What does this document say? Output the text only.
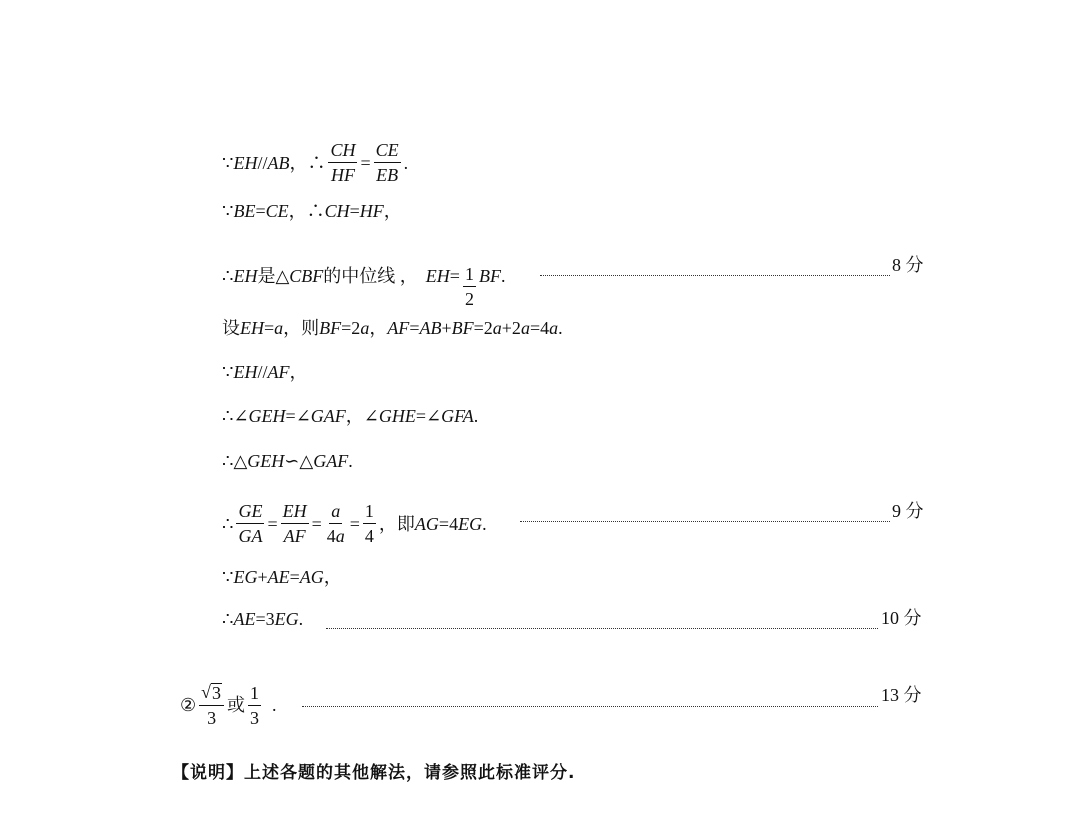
∵ EH // AB ，∴ $\frac{CH}{HF} = \frac{CE}{EB}$ .
∵ BE = CE ，∴ CH = HF ，
∴ EH 是△ CBF 的中位线 ， EH = $\frac{1}{2}$ BF .
8 分
设 EH = a ，则 BF =2 a ， AF = AB + BF =2 a +2 a =4 a .
∵ EH // AF ，
∴∠ GEH =∠ GAF ，∠ GHE =∠ GFA .
∴△ GEH ∽△ GAF .
∴ $\frac{GE}{GA} = \frac{EH}{AF} = \frac{a}{4a} = \frac{1}{4}$ ，即 AG =4 EG .
9 分
∵ EG + AE = AG ，
∴ AE =3 EG .	10 分
② $\frac{√ 3}{3}$ 或 $\frac{1}{3}$ .	13 分
【说明】上述各题的其他解法，请参照此标准评分.
